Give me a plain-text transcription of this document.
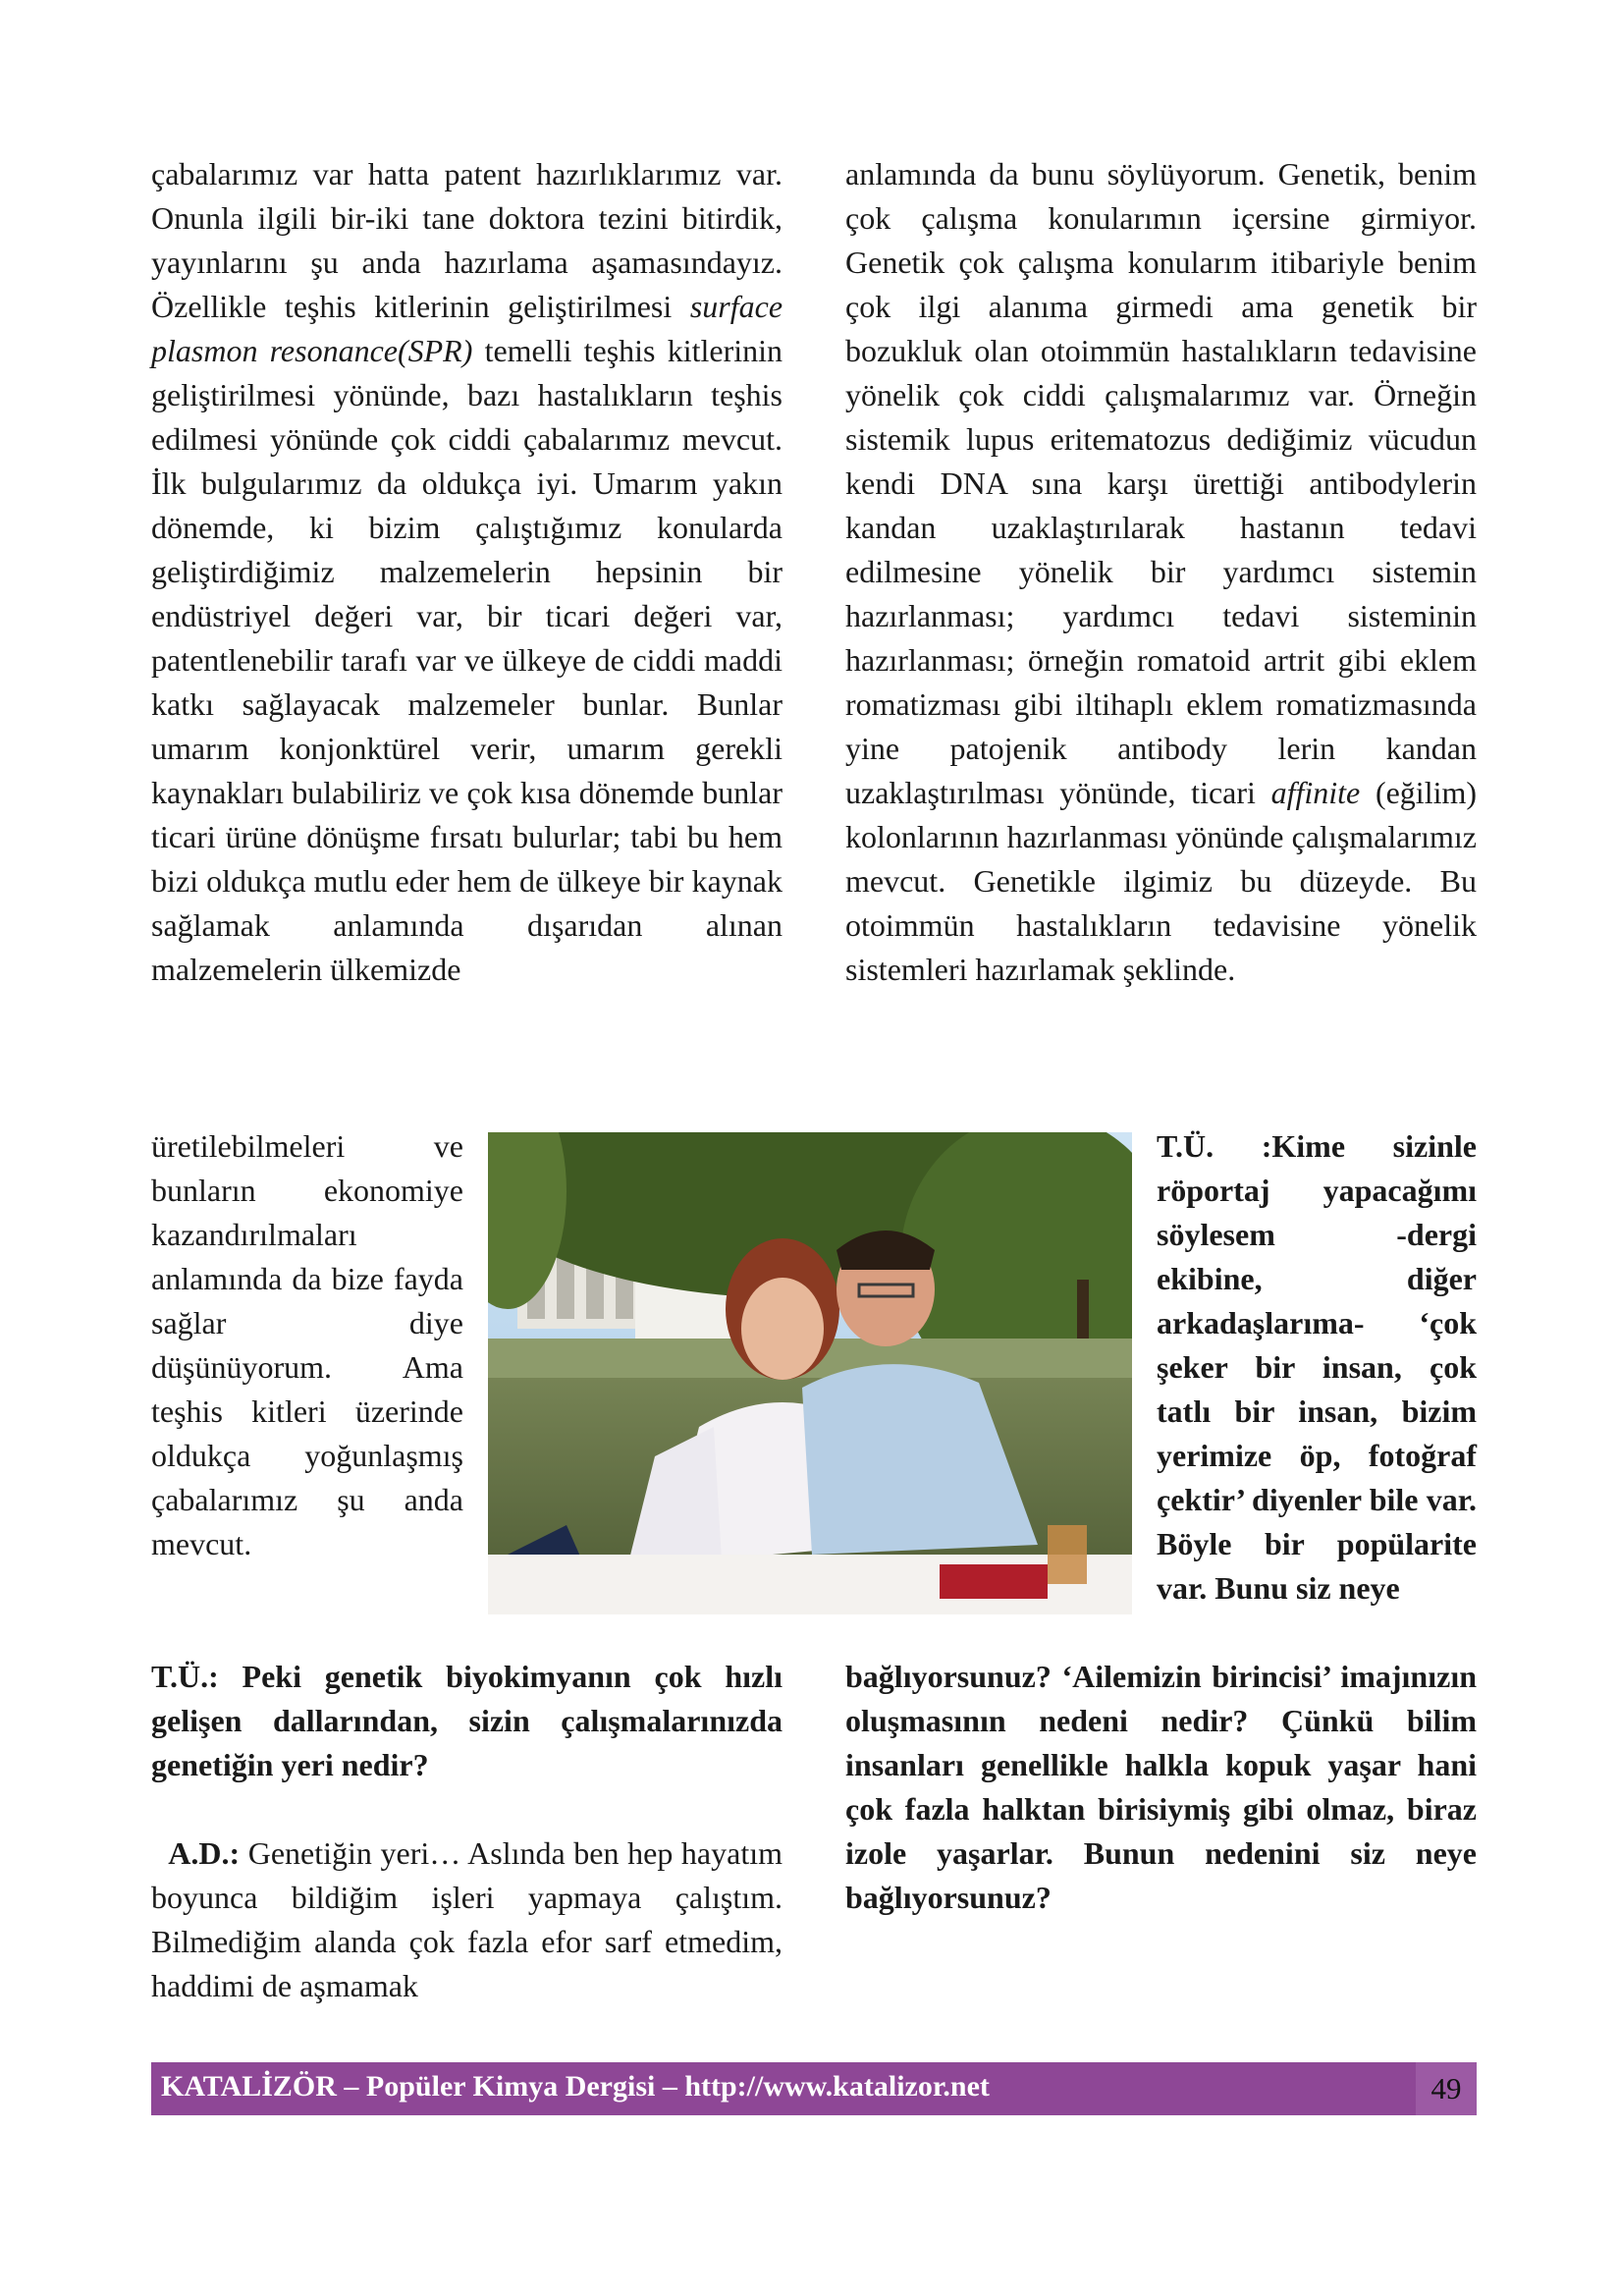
çabalarımız var hatta patent hazırlıklarımız var. Onunla ilgili bir-iki tane doktora tezini bitirdik, yayınlarını şu anda hazırlama aşamasındayız. Özellikle teşhis kitlerinin geliştirilmesi surface plasmon resonance(SPR) temelli teşhis kitlerinin geliştirilmesi yönünde, bazı hastalıkların teşhis edilmesi yönünde çok ciddi çabalarımız mevcut. İlk bulgularımız da oldukça iyi. Umarım yakın dönemde, ki bizim çalıştığımız konularda geliştirdiğimiz malzemelerin hepsinin bir endüstriyel değeri var, bir ticari değeri var, patentlenebilir tarafı var ve ülkeye de ciddi maddi katkı sağlayacak malzemeler bunlar. Bunlar umarım konjonktürel verir, umarım gerekli kaynakları bulabiliriz ve çok kısa dönemde bunlar ticari ürüne dönüşme fırsatı bulurlar; tabi bu hem bizi oldukça mutlu eder hem de ülkeye bir kaynak sağlamak anlamında dışarıdan alınan malzemelerin ülkemizde

üretilebilmeleri ve bunların ekonomiye kazandırılmaları anlamında da bize fayda sağlar diye düşünüyorum. Ama teşhis kitleri üzerinde oldukça yoğunlaşmış çabalarımız şu anda mevcut.

anlamında da bunu söylüyorum. Genetik, benim çok çalışma konularımın içersine girmiyor. Genetik çok çalışma konularım itibariyle benim çok ilgi alanıma girmedi ama genetik bir bozukluk olan otoimmün hastalıkların tedavisine yönelik çok ciddi çalışmalarımız var. Örneğin sistemik lupus eritematozus dediğimiz vücudun kendi DNA sına karşı ürettiği antibodylerin kandan uzaklaştırılarak hastanın tedavi edilmesine yönelik bir yardımcı sistemin hazırlanması; yardımcı tedavi sisteminin hazırlanması; örneğin romatoid artrit gibi eklem romatizması gibi iltihaplı eklem romatizmasında yine patojenik antibody lerin kandan uzaklaştırılması yönünde, ticari affinite (eğilim) kolonlarının hazırlanması yönünde çalışmalarımız mevcut. Genetikle ilgimiz bu düzeyde. Bu otoimmün hastalıkların tedavisine yönelik sistemleri hazırlamak şeklinde.

T.Ü. :Kime sizinle röportaj yapacağımı söylesem -dergi ekibine, diğer arkadaşlarıma- ‘çok şeker bir insan, çok tatlı bir insan, bizim yerimize öp, fotoğraf çektir’ diyenler bile var. Böyle bir popülarite var. Bunu siz neye
T.Ü.: Peki genetik biyokimyanın çok hızlı gelişen dallarından, sizin çalışmalarınızda genetiğin yeri nedir?
A.D.: Genetiğin yeri… Aslında ben hep hayatım boyunca bildiğim işleri yapmaya çalıştım. Bilmediğim alanda çok fazla efor sarf etmedim, haddimi de aşmamak
bağlıyorsunuz? ‘Ailemizin birincisi’ imajınızın oluşmasının nedeni nedir? Çünkü bilim insanları genellikle halkla kopuk yaşar hani çok fazla halktan birisiymiş gibi olmaz, biraz izole yaşarlar. Bunun nedenini siz neye bağlıyorsunuz?
KATALİZÖR – Popüler Kimya Dergisi – http://www.katalizor.net	49
